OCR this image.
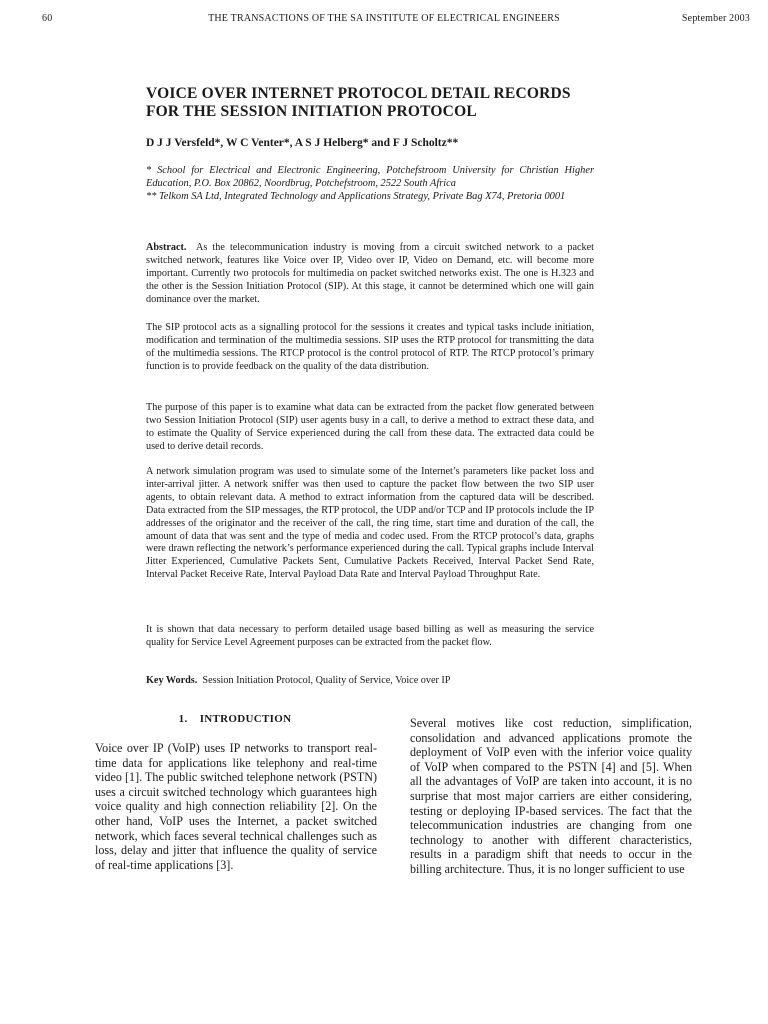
60	THE TRANSACTIONS OF THE SA INSTITUTE OF ELECTRICAL ENGINEERS	September 2003
VOICE OVER INTERNET PROTOCOL DETAIL RECORDS
FOR THE SESSION INITIATION PROTOCOL
D J J Versfeld*, W C Venter*, A S J Helberg* and F J Scholtz**

* School for Electrical and Electronic Engineering, Potchefstroom University for Christian Higher Education, P.O. Box 20862, Noordbrug, Potchefstroom, 2522 South Africa

** Telkom SA Ltd, Integrated Technology and Applications Strategy, Private Bag X74, Pretoria 0001

Abstract. As the telecommunication industry is moving from a circuit switched network to a packet switched network, features like Voice over IP, Video over IP, Video on Demand, etc. will become more important. Currently two protocols for multimedia on packet switched networks exist. The one is H.323 and the other is the Session Initiation Protocol (SIP). At this stage, it cannot be determined which one will gain dominance over the market.

The SIP protocol acts as a signalling protocol for the sessions it creates and typical tasks include initiation, modification and termination of the multimedia sessions. SIP uses the RTP protocol for transmitting the data of the multimedia sessions. The RTCP protocol is the control protocol of RTP. The RTCP protocol’s primary function is to provide feedback on the quality of the data distribution.

The purpose of this paper is to examine what data can be extracted from the packet flow generated between two Session Initiation Protocol (SIP) user agents busy in a call, to derive a method to extract these data, and to estimate the Quality of Service experienced during the call from these data. The extracted data could be used to derive detail records.

A network simulation program was used to simulate some of the Internet’s parameters like packet loss and inter-arrival jitter. A network sniffer was then used to capture the packet flow between the two SIP user agents, to obtain relevant data. A method to extract information from the captured data will be described. Data extracted from the SIP messages, the RTP protocol, the UDP and/or TCP and IP protocols include the IP addresses of the originator and the receiver of the call, the ring time, start time and duration of the call, the amount of data that was sent and the type of media and codec used. From the RTCP protocol’s data, graphs were drawn reflecting the network’s performance experienced during the call. Typical graphs include Interval Jitter Experienced, Cumulative Packets Sent, Cumulative Packets Received, Interval Packet Send Rate, Interval Packet Receive Rate, Interval Payload Data Rate and Interval Payload Throughput Rate.

It is shown that data necessary to perform detailed usage based billing as well as measuring the service quality for Service Level Agreement purposes can be extracted from the packet flow.

Key Words. Session Initiation Protocol, Quality of Service, Voice over IP

1.    INTRODUCTION

Voice over IP (VoIP) uses IP networks to transport real-time data for applications like telephony and real-time video [1]. The public switched telephone network (PSTN) uses a circuit switched technology which guarantees high voice quality and high connection reliability [2]. On the other hand, VoIP uses the Internet, a packet switched network, which faces several technical challenges such as loss, delay and jitter that influence the quality of service of real-time applications [3].

Several motives like cost reduction, simplification, consolidation and advanced applications promote the deployment of VoIP even with the inferior voice quality of VoIP when compared to the PSTN [4] and [5]. When all the advantages of VoIP are taken into account, it is no surprise that most major carriers are either considering, testing or deploying IP-based services. The fact that the telecommunication industries are changing from one technology to another with different characteristics, results in a paradigm shift that needs to occur in the billing architecture. Thus, it is no longer sufficient to use
